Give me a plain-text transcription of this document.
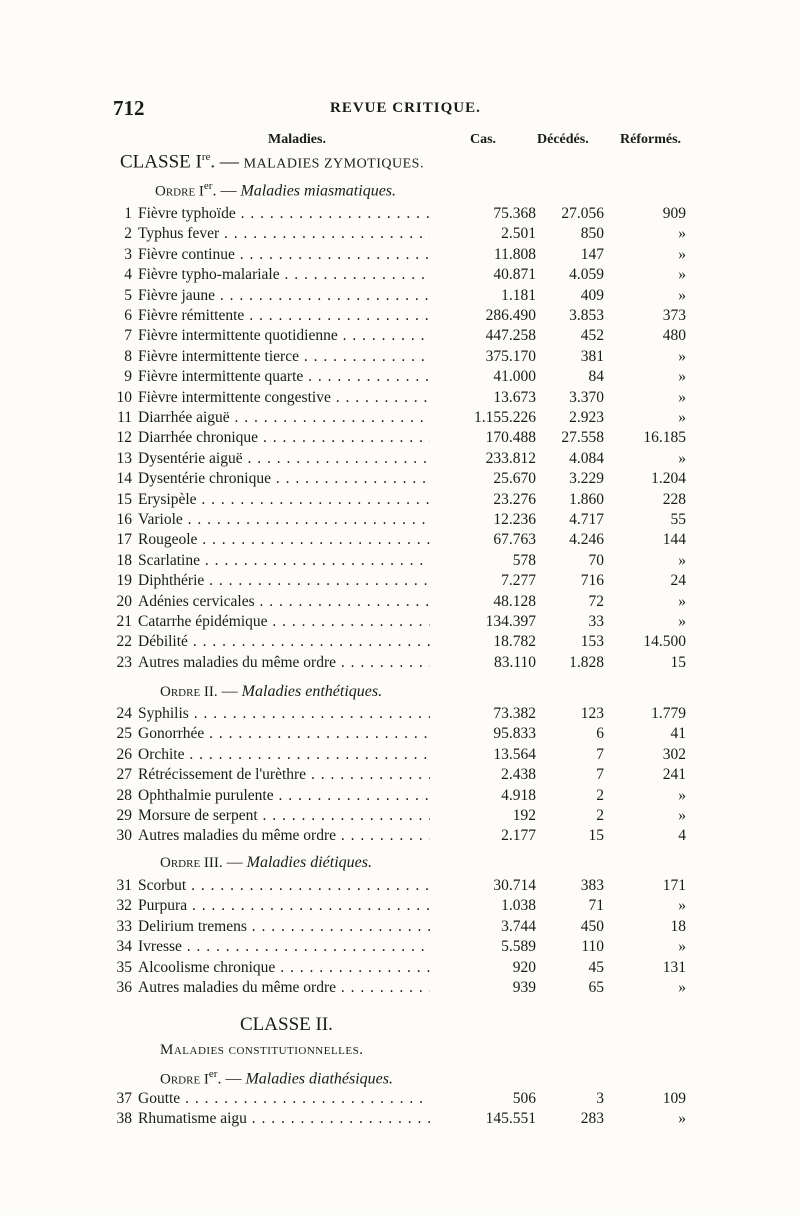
712	REVUE CRITIQUE.
Maladies.	Cas.	Décédés. Réformés.
CLASSE Ire. — MALADIES ZYMOTIQUES.
Ordre Ier. — Maladies miasmatiques.
Ordre II. — Maladies enthétiques.
Ordre III. — Maladies diétiques.
CLASSE II.
Maladies constitutionnelles.
Ordre Ier. — Maladies diathésiques.
1 Fièvre typhoïde . . .	75.368	27.056	909
2 Typhus fever . . .	2.501	850	»
3 Fièvre continue . . .	11.808	147	»
4 Fièvre typho-malariale . . .	40.871	4.059	»
5 Fièvre jaune . . .	1.181	409	»
6 Fièvre rémittente . . .	286.490	3.853	373
7 Fièvre intermittente quotidienne . . .	447.258	452	480
8 Fièvre intermittente tierce . . .	375.170	381	»
9 Fièvre intermittente quarte . . .	41.000	84	»
10 Fièvre intermittente congestive . . .	13.673	3.370	»
11 Diarrhée aiguë . . .	1.155.226	2.923	»
12 Diarrhée chronique . . .	170.488	27.558	16.185
13 Dysentérie aiguë . . .	233.812	4.084	»
14 Dysentérie chronique . . .	25.670	3.229	1.204
15 Erysipèle . . .	23.276	1.860	228
16 Variole . . .	12.236	4.717	55
17 Rougeole . . .	67.763	4.246	144
18 Scarlatine . . .	578	70	»
19 Diphthérie . . .	7.277	716	24
20 Adénies cervicales . . .	48.128	72	»
21 Catarrhe épidémique . . .	134.397	33	»
22 Débilité . . .	18.782	153	14.500
23 Autres maladies du même ordre . . .	83.110	1.828	15
24 Syphilis . . .	73.382	123	1.779
25 Gonorrhée . . .	95.833	6	41
26 Orchite . . .	13.564	7	302
27 Rétrécissement de l'urèthre . . .	2.438	7	241
28 Ophthalmie purulente . . .	4.918	2	»
29 Morsure de serpent . . .	192	2	»
30 Autres maladies du même ordre . . .	2.177	15	4
31 Scorbut . . .	30.714	383	171
32 Purpura . . .	1.038	71	»
33 Delirium tremens . . .	3.744	450	18
34 Ivresse . . .	5.589	110	»
35 Alcoolisme chronique . . .	920	45	131
36 Autres maladies du même ordre . . .	939	65	»
37 Goutte . . .	506	3	109
38 Rhumatisme aigu . . .	145.551	283	»
